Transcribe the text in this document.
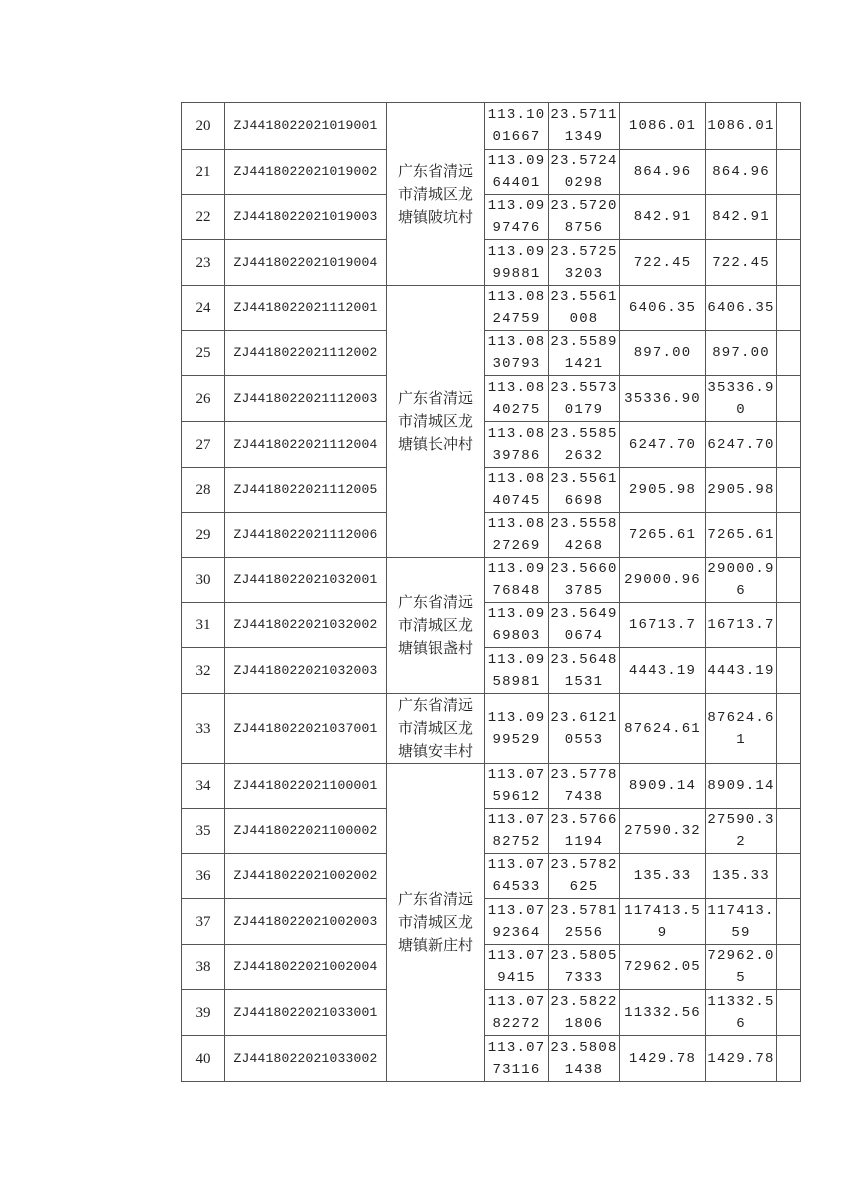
20	ZJ4418022021019001	广东省清远市清城区龙塘镇陂坑村	113.1001667	23.57111349	1086.01	1086.01	
21	ZJ4418022021019002		113.0964401	23.57240298	864.96	864.96	
22	ZJ4418022021019003		113.0997476	23.57208756	842.91	842.91	
23	ZJ4418022021019004		113.0999881	23.57253203	722.45	722.45	
24	ZJ4418022021112001	广东省清远市清城区龙塘镇长冲村	113.0824759	23.5561008	6406.35	6406.35	
25	ZJ4418022021112002		113.0830793	23.55891421	897.00	897.00	
26	ZJ4418022021112003		113.0840275	23.55730179	35336.90	35336.90	
27	ZJ4418022021112004		113.0839786	23.55852632	6247.70	6247.70	
28	ZJ4418022021112005		113.0840745	23.55616698	2905.98	2905.98	
29	ZJ4418022021112006		113.0827269	23.55584268	7265.61	7265.61	
30	ZJ4418022021032001	广东省清远市清城区龙塘镇银盏村	113.0976848	23.56603785	29000.96	29000.96	
31	ZJ4418022021032002		113.0969803	23.56490674	16713.7	16713.7	
32	ZJ4418022021032003		113.0958981	23.56481531	4443.19	4443.19	
33	ZJ4418022021037001	广东省清远市清城区龙塘镇安丰村	113.0999529	23.61210553	87624.61	87624.61	
34	ZJ4418022021100001	广东省清远市清城区龙塘镇新庄村	113.0759612	23.57787438	8909.14	8909.14	
35	ZJ4418022021100002		113.0782752	23.57661194	27590.32	27590.32	
36	ZJ4418022021002002		113.0764533	23.5782625	135.33	135.33	
37	ZJ4418022021002003		113.0792364	23.57812556	117413.59	117413.59	
38	ZJ4418022021002004		113.079415	23.58057333	72962.05	72962.05	
39	ZJ4418022021033001		113.0782272	23.58221806	11332.56	11332.56	
40	ZJ4418022021033002		113.0773116	23.58081438	1429.78	1429.78	
